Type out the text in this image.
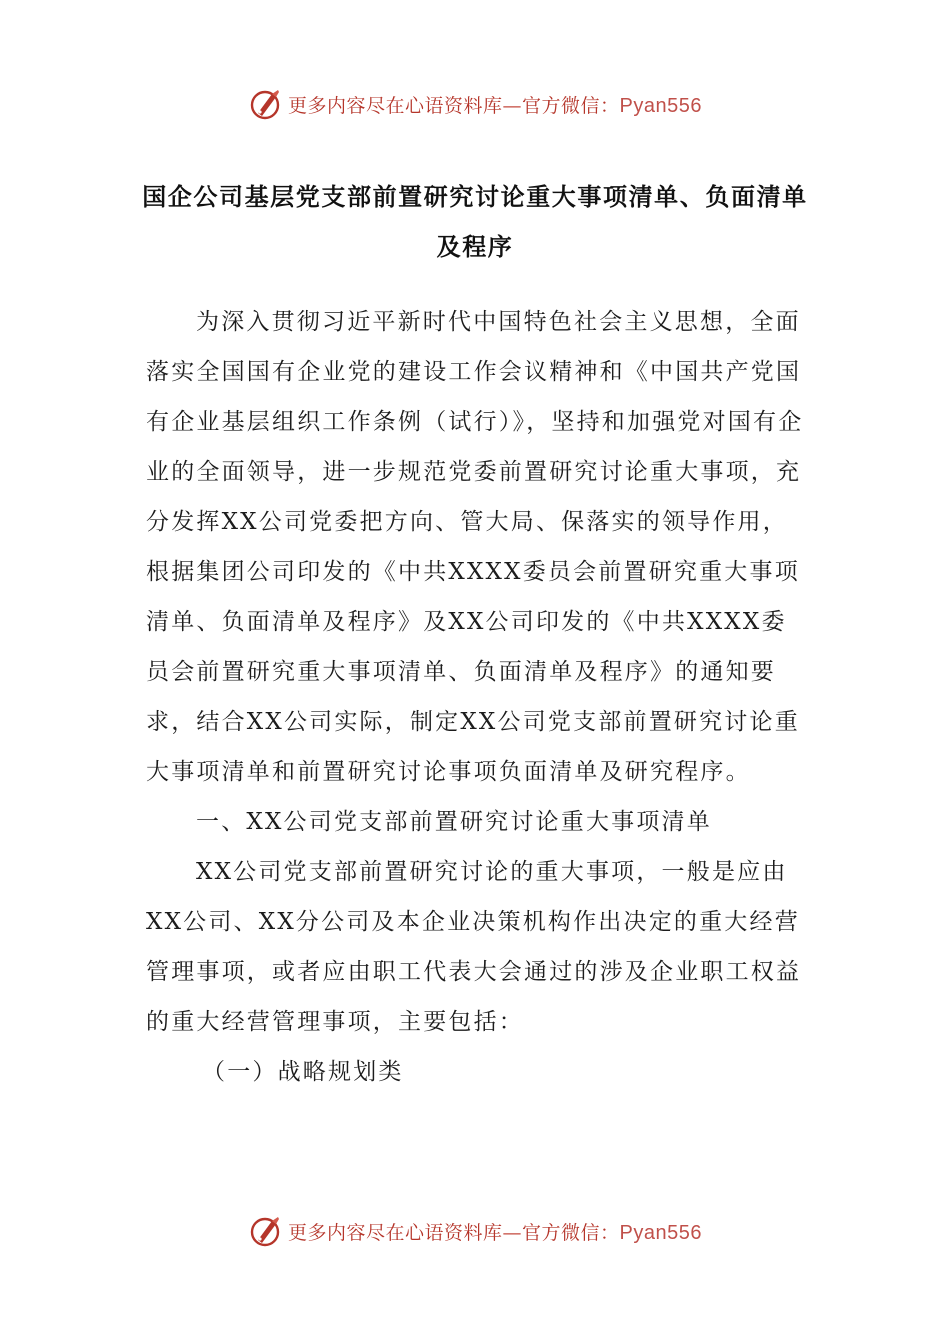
更多内容尽在心语资料库—官方微信：Pyan556
国企公司基层党支部前置研究讨论重大事项清单、负面清单及程序

为深入贯彻习近平新时代中国特色社会主义思想，全面落实全国国有企业党的建设工作会议精神和《中国共产党国有企业基层组织工作条例（试行）》，坚持和加强党对国有企业的全面领导，进一步规范党委前置研究讨论重大事项，充分发挥XX公司党委把方向、管大局、保落实的领导作用，根据集团公司印发的《中共XXXX委员会前置研究重大事项清单、负面清单及程序》及XX公司印发的《中共XXXX委员会前置研究重大事项清单、负面清单及程序》的通知要求，结合XX公司实际，制定XX公司党支部前置研究讨论重大事项清单和前置研究讨论事项负面清单及研究程序。

一、XX公司党支部前置研究讨论重大事项清单

XX公司党支部前置研究讨论的重大事项，一般是应由XX公司、XX分公司及本企业决策机构作出决定的重大经营管理事项，或者应由职工代表大会通过的涉及企业职工权益的重大经营管理事项，主要包括：

（一）战略规划类

更多内容尽在心语资料库—官方微信：Pyan556
